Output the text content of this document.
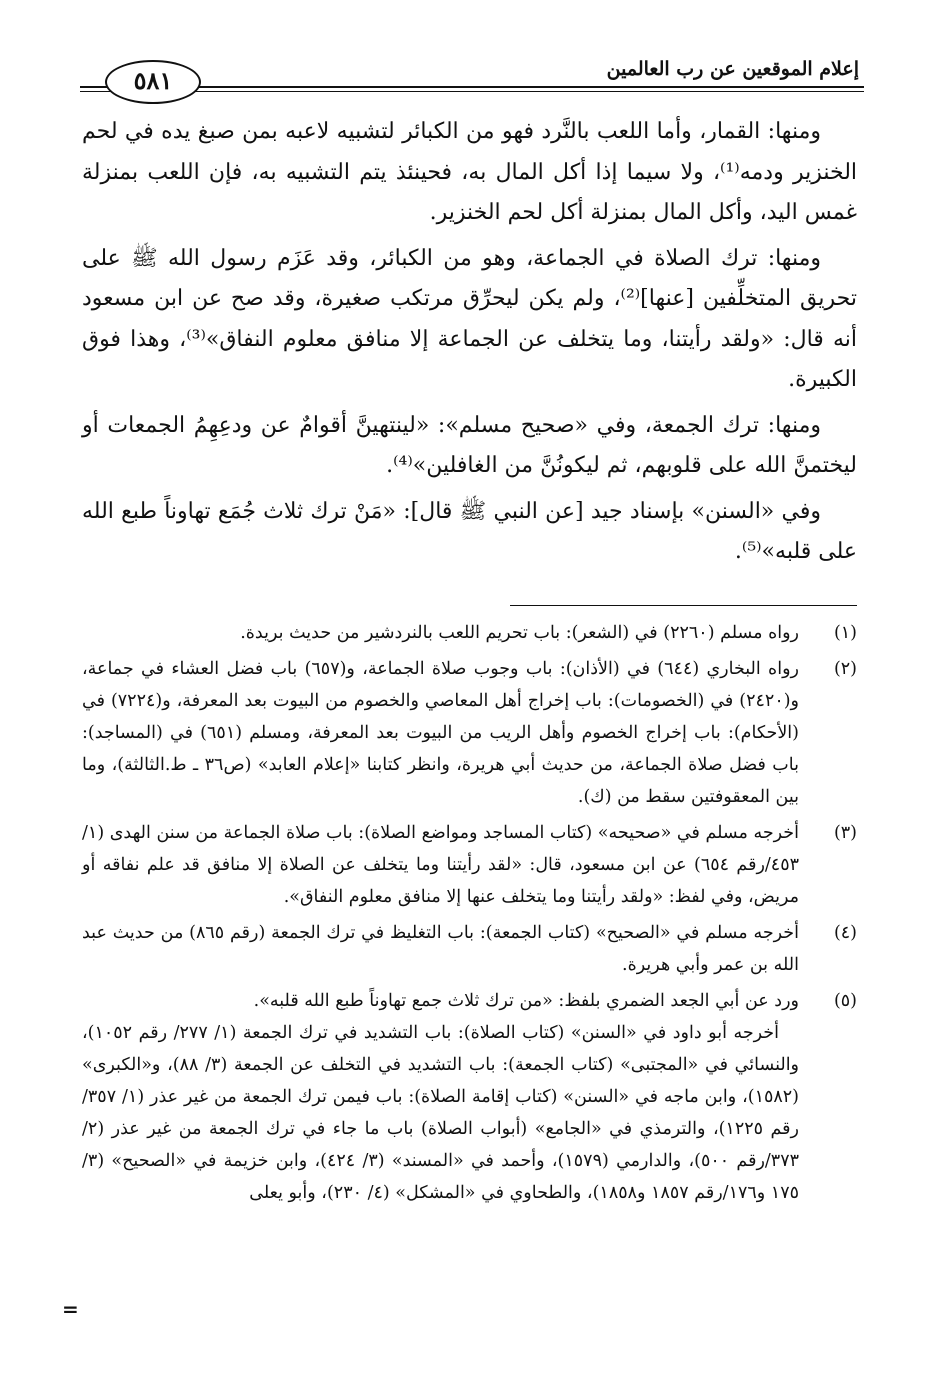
إعلام الموقعين عن رب العالمين
٥٨١

ومنها: القمار، وأما اللعب بالنَّرد فهو من الكبائر لتشبيه لاعبه بمن صبغ يده في لحم الخنزير ودمه⁽¹⁾، ولا سيما إذا أكل المال به، فحينئذ يتم التشبيه به، فإن اللعب بمنزلة غمس اليد، وأكل المال بمنزلة أكل لحم الخنزير.

ومنها: ترك الصلاة في الجماعة، وهو من الكبائر، وقد عَزَم رسول الله ﷺ على تحريق المتخلِّفين [عنها]⁽²⁾، ولم يكن ليحرِّق مرتكب صغيرة، وقد صح عن ابن مسعود أنه قال: «ولقد رأيتنا، وما يتخلف عن الجماعة إلا منافق معلوم النفاق»⁽³⁾، وهذا فوق الكبيرة.

ومنها: ترك الجمعة، وفي «صحيح مسلم»: «لينتهينَّ أقوامٌ عن ودعِهِمُ الجمعات أو ليختمنَّ الله على قلوبهم، ثم ليكونُنَّ من الغافلين»⁽⁴⁾.

وفي «السنن» بإسناد جيد [عن النبي ﷺ قال]: «مَنْ ترك ثلاث جُمَع تهاوناً طبع الله على قلبه»⁽⁵⁾.

(١)
رواه مسلم (٢٢٦٠) في (الشعر): باب تحريم اللعب بالنردشير من حديث بريدة.
(٢)
رواه البخاري (٦٤٤) في (الأذان): باب وجوب صلاة الجماعة، و(٦٥٧) باب فضل العشاء في جماعة، و(٢٤٢٠) في (الخصومات): باب إخراج أهل المعاصي والخصوم من البيوت بعد المعرفة، و(٧٢٢٤) في (الأحكام): باب إخراج الخصوم وأهل الريب من البيوت بعد المعرفة، ومسلم (٦٥١) في (المساجد): باب فضل صلاة الجماعة، من حديث أبي هريرة، وانظر كتابنا «إعلام العابد» (ص٣٦ ـ ط.الثالثة)، وما بين المعقوفتين سقط من (ك).
(٣)
أخرجه مسلم في «صحيحه» (كتاب المساجد ومواضع الصلاة): باب صلاة الجماعة من سنن الهدى (١/ ٤٥٣/رقم ٦٥٤) عن ابن مسعود، قال: «لقد رأيتنا وما يتخلف عن الصلاة إلا منافق قد علم نفاقه أو مريض، وفي لفظ: «ولقد رأيتنا وما يتخلف عنها إلا منافق معلوم النفاق».
(٤)
أخرجه مسلم في «الصحيح» (كتاب الجمعة): باب التغليظ في ترك الجمعة (رقم ٨٦٥) من حديث عبد الله بن عمر وأبي هريرة.
(٥)
ورد عن أبي الجعد الضمري بلفظ: «من ترك ثلاث جمع تهاوناً طبع الله قلبه».
أخرجه أبو داود في «السنن» (كتاب الصلاة): باب التشديد في ترك الجمعة (١/ ٢٧٧/ رقم ١٠٥٢)، والنسائي في «المجتبى» (كتاب الجمعة): باب التشديد في التخلف عن الجمعة (٣/ ٨٨)، و«الكبرى» (١٥٨٢)، وابن ماجه في «السنن» (كتاب إقامة الصلاة): باب فيمن ترك الجمعة من غير عذر (١/ ٣٥٧/رقم ١٢٢٥)، والترمذي في «الجامع» (أبواب الصلاة) باب ما جاء في ترك الجمعة من غير عذر (٢/ ٣٧٣/رقم ٥٠٠)، والدارمي (١٥٧٩)، وأحمد في «المسند» (٣/ ٤٢٤)، وابن خزيمة في «الصحيح» (٣/ ١٧٥ و١٧٦/رقم ١٨٥٧ و١٨٥٨)، والطحاوي في «المشكل» (٤/ ٢٣٠)، وأبو يعلى
=
